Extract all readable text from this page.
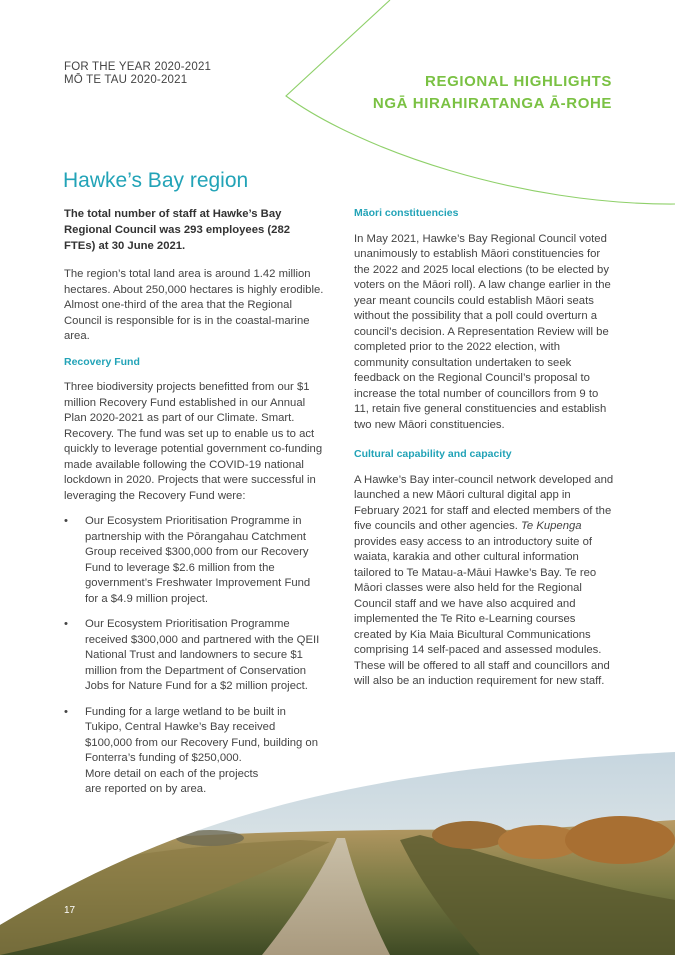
FOR THE YEAR 2020-2021
MŌ TE TAU 2020-2021	REGIONAL HIGHLIGHTS
NGĀ HIRAHIRATANGA Ā-ROHE
Hawke’s Bay region

The total number of staff at Hawke’s Bay Regional Council was 293 employees (282 FTEs) at 30 June 2021.

The region’s total land area is around 1.42 million hectares. About 250,000 hectares is highly erodible. Almost one-third of the area that the Regional Council is responsible for is in the coastal-marine area.

Recovery Fund

Three biodiversity projects benefitted from our $1 million Recovery Fund established in our Annual Plan 2020-2021 as part of our Climate. Smart. Recovery. The fund was set up to enable us to act quickly to leverage potential government co-funding made available following the COVID-19 national lockdown in 2020. Projects that were successful in leveraging the Recovery Fund were:

• Our Ecosystem Prioritisation Programme in partnership with the Pōrangahau Catchment Group received $300,000 from our Recovery Fund to leverage $2.6 million from the government’s Freshwater Improvement Fund for a $4.9 million project.
• Our Ecosystem Prioritisation Programme received $300,000 and partnered with the QEII National Trust and landowners to secure $1 million from the Department of Conservation Jobs for Nature Fund for a $2 million project.
• Funding for a large wetland to be built in Tukipo, Central Hawke’s Bay received $100,000 from our Recovery Fund, building on Fonterra’s funding of $250,000.
More detail on each of the projects
are reported on by area.

Māori constituencies

In May 2021, Hawke’s Bay Regional Council voted unanimously to establish Māori constituencies for the 2022 and 2025 local elections (to be elected by voters on the Māori roll). A law change earlier in the year meant councils could establish Māori seats without the possibility that a poll could overturn a council’s decision. A Representation Review will be completed prior to the 2022 election, with community consultation undertaken to seek feedback on the Regional Council’s proposal to increase the total number of councillors from 9 to 11, retain five general constituencies and establish two new Māori constituencies.

Cultural capability and capacity

A Hawke’s Bay inter-council network developed and launched a new Māori cultural digital app in February 2021 for staff and elected members of the five councils and other agencies. Te Kupenga provides easy access to an introductory suite of waiata, karakia and other cultural information tailored to Te Matau-a-Māui Hawke’s Bay. Te reo Māori classes were also held for the Regional Council staff and we have also acquired and implemented the Te Rito e-Learning courses created by Kia Maia Bicultural Communications comprising 14 self-paced and assessed modules. These will be offered to all staff and councillors and will also be an induction requirement for new staff.

17
